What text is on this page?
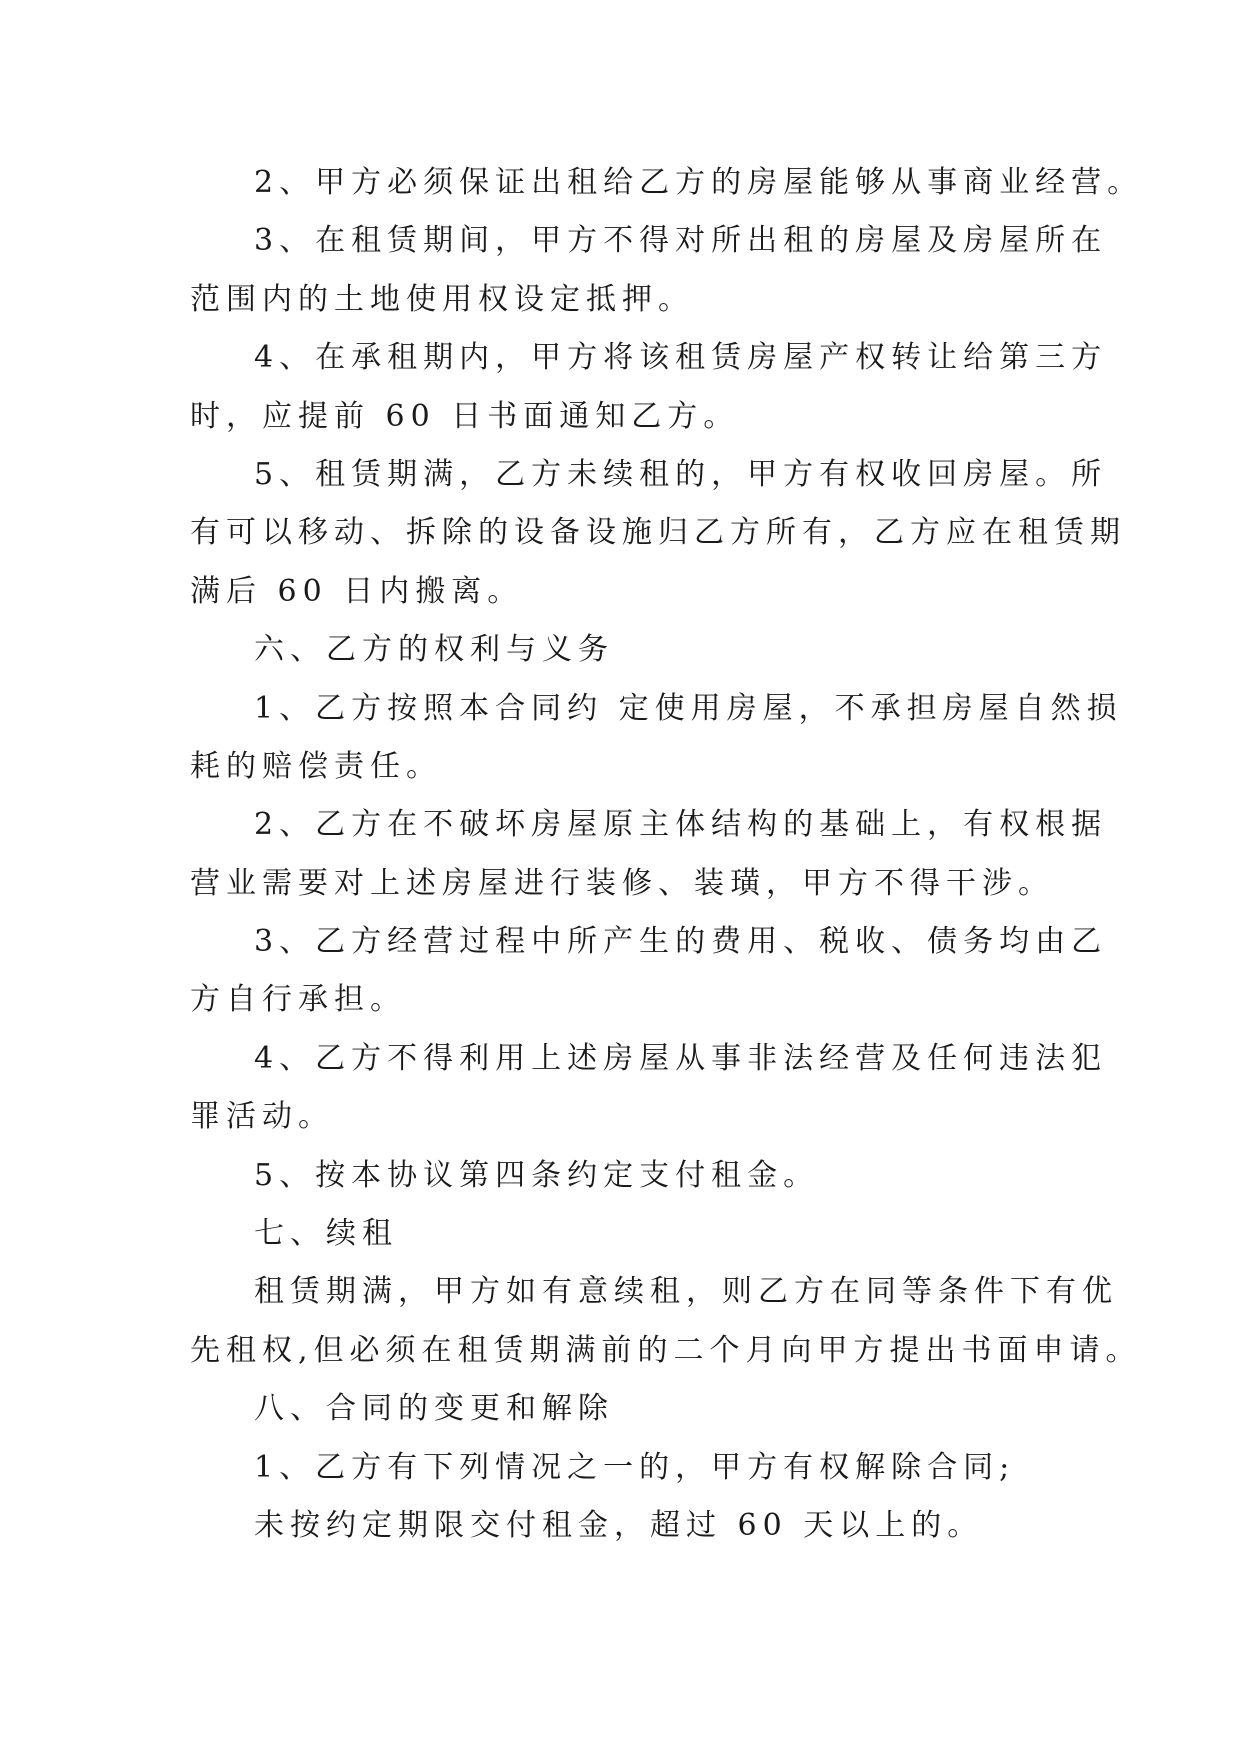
2、甲方必须保证出租给乙方的房屋能够从事商业经营。
3、在租赁期间，甲方不得对所出租的房屋及房屋所在
范围内的土地使用权设定抵押。
4、在承租期内，甲方将该租赁房屋产权转让给第三方
时，应提前 60 日书面通知乙方。
5、租赁期满，乙方未续租的，甲方有权收回房屋。所
有可以移动、拆除的设备设施归乙方所有，乙方应在租赁期
满后 60 日内搬离。
六、乙方的权利与义务
1、乙方按照本合同约 定使用房屋，不承担房屋自然损
耗的赔偿责任。
2、乙方在不破坏房屋原主体结构的基础上，有权根据
营业需要对上述房屋进行装修、装璜，甲方不得干涉。
3、乙方经营过程中所产生的费用、税收、债务均由乙
方自行承担。
4、乙方不得利用上述房屋从事非法经营及任何违法犯
罪活动。
5、按本协议第四条约定支付租金。
七、续租
租赁期满，甲方如有意续租，则乙方在同等条件下有优
先租权,但必须在租赁期满前的二个月向甲方提出书面申请。
八、合同的变更和解除
1、乙方有下列情况之一的，甲方有权解除合同;
未按约定期限交付租金，超过 60 天以上的。
